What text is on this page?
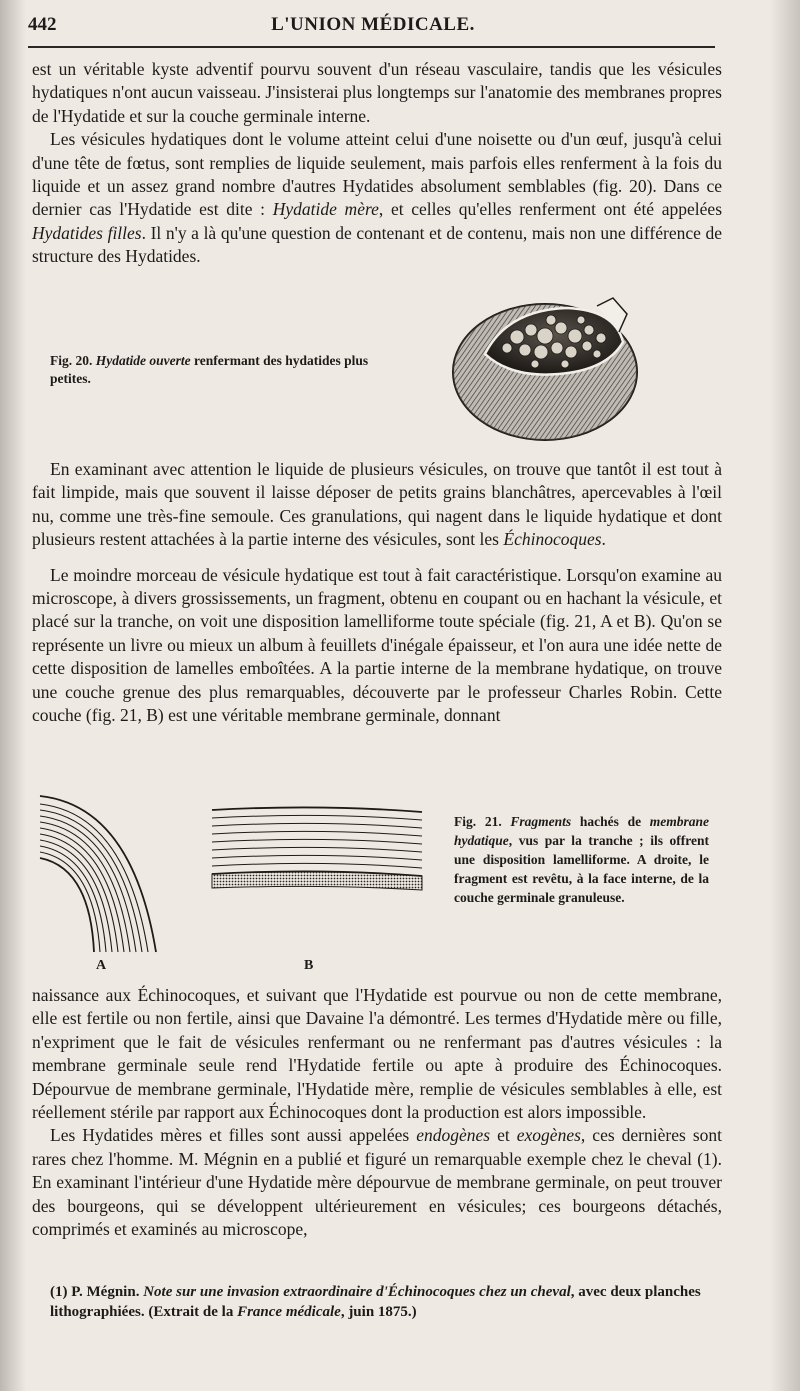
442	L'UNION MÉDICALE.

est un véritable kyste adventif pourvu souvent d'un réseau vasculaire, tandis que les vésicules hydatiques n'ont aucun vaisseau. J'insisterai plus longtemps sur l'anatomie des membranes propres de l'Hydatide et sur la couche germinale interne.

Les vésicules hydatiques dont le volume atteint celui d'une noisette ou d'un œuf, jusqu'à celui d'une tête de fœtus, sont remplies de liquide seulement, mais parfois elles renferment à la fois du liquide et un assez grand nombre d'autres Hydatides absolument semblables (fig. 20). Dans ce dernier cas l'Hydatide est dite : Hydatide mère, et celles qu'elles renferment ont été appelées Hydatides filles. Il n'y a là qu'une question de contenant et de contenu, mais non une différence de structure des Hydatides.

Fig. 20. Hydatide ouverte renfermant des hydatides plus petites.

En examinant avec attention le liquide de plusieurs vésicules, on trouve que tantôt il est tout à fait limpide, mais que souvent il laisse déposer de petits grains blanchâtres, apercevables à l'œil nu, comme une très-fine semoule. Ces granulations, qui nagent dans le liquide hydatique et dont plusieurs restent attachées à la partie interne des vésicules, sont les Échinocoques.

Le moindre morceau de vésicule hydatique est tout à fait caractéristique. Lorsqu'on examine au microscope, à divers grossissements, un fragment, obtenu en coupant ou en hachant la vésicule, et placé sur la tranche, on voit une disposition lamelliforme toute spéciale (fig. 21, A et B). Qu'on se représente un livre ou mieux un album à feuillets d'inégale épaisseur, et l'on aura une idée nette de cette disposition de lamelles emboîtées. A la partie interne de la membrane hydatique, on trouve une couche grenue des plus remarquables, découverte par le professeur Charles Robin. Cette couche (fig. 21, B) est une véritable membrane germinale, donnant

A	B
Fig. 21. Fragments hachés de membrane hydatique, vus par la tranche ; ils offrent une disposition lamelliforme. A droite, le fragment est revêtu, à la face interne, de la couche germinale granuleuse.

naissance aux Échinocoques, et suivant que l'Hydatide est pourvue ou non de cette membrane, elle est fertile ou non fertile, ainsi que Davaine l'a démontré. Les termes d'Hydatide mère ou fille, n'expriment que le fait de vésicules renfermant ou ne renfermant pas d'autres vésicules : la membrane germinale seule rend l'Hydatide fertile ou apte à produire des Échinocoques. Dépourvue de membrane germinale, l'Hydatide mère, remplie de vésicules semblables à elle, est réellement stérile par rapport aux Échinocoques dont la production est alors impossible.

Les Hydatides mères et filles sont aussi appelées endogènes et exogènes, ces dernières sont rares chez l'homme. M. Mégnin en a publié et figuré un remarquable exemple chez le cheval (1). En examinant l'intérieur d'une Hydatide mère dépourvue de membrane germinale, on peut trouver des bourgeons, qui se développent ultérieurement en vésicules; ces bourgeons détachés, comprimés et examinés au microscope,

(1) P. Mégnin. Note sur une invasion extraordinaire d'Échinocoques chez un cheval, avec deux planches lithographiées. (Extrait de la France médicale, juin 1875.)
